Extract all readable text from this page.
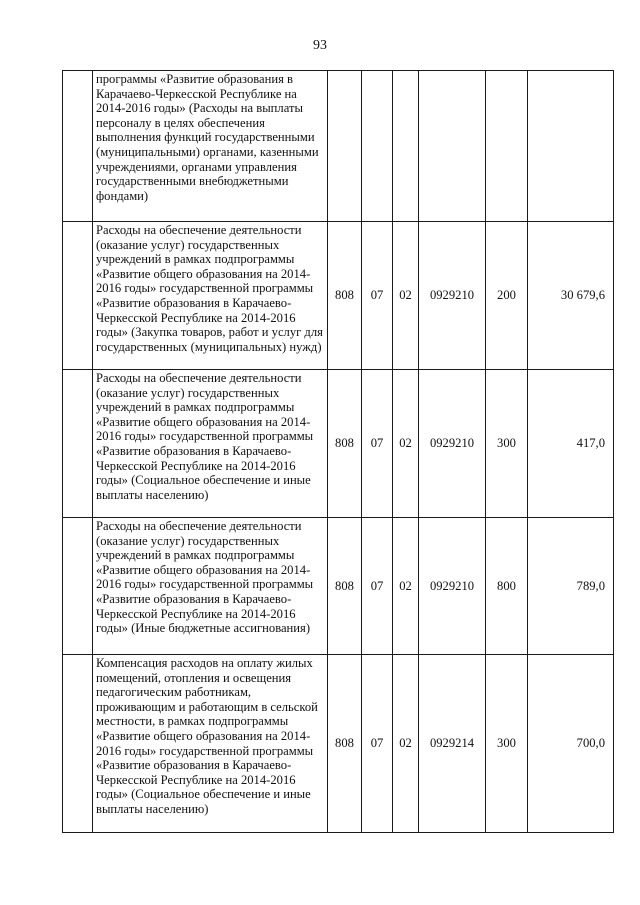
93
	программы «Развитие образования в Карачаево-Черкесской Республике на 2014-2016 годы» (Расходы на выплаты персоналу в целях обеспечения выполнения функций государственными (муниципальными) органами, казенными учреждениями, органами управления государственными внебюджетными фондами)						
	Расходы на обеспечение деятельности (оказание услуг) государственных учреждений в рамках подпрограммы «Развитие общего образования на 2014-2016 годы» государственной программы «Развитие образования в Карачаево-Черкесской Республике на 2014-2016 годы» (Закупка товаров, работ и услуг для государственных (муниципальных) нужд)	808	07	02	0929210	200	30 679,6
	Расходы на обеспечение деятельности (оказание услуг) государственных учреждений в рамках подпрограммы «Развитие общего образования на 2014-2016 годы» государственной программы «Развитие образования в Карачаево-Черкесской Республике на 2014-2016 годы» (Социальное обеспечение и иные выплаты населению)	808	07	02	0929210	300	417,0
	Расходы на обеспечение деятельности (оказание услуг) государственных учреждений в рамках подпрограммы «Развитие общего образования на 2014-2016 годы» государственной программы «Развитие образования в Карачаево-Черкесской Республике на 2014-2016 годы» (Иные бюджетные ассигнования)	808	07	02	0929210	800	789,0
	Компенсация расходов на оплату жилых помещений, отопления и освещения педагогическим работникам, проживающим и работающим в сельской местности, в рамках подпрограммы «Развитие общего образования на 2014-2016 годы» государственной программы «Развитие образования в Карачаево-Черкесской Республике на 2014-2016 годы» (Социальное обеспечение и иные выплаты населению)	808	07	02	0929214	300	700,0
